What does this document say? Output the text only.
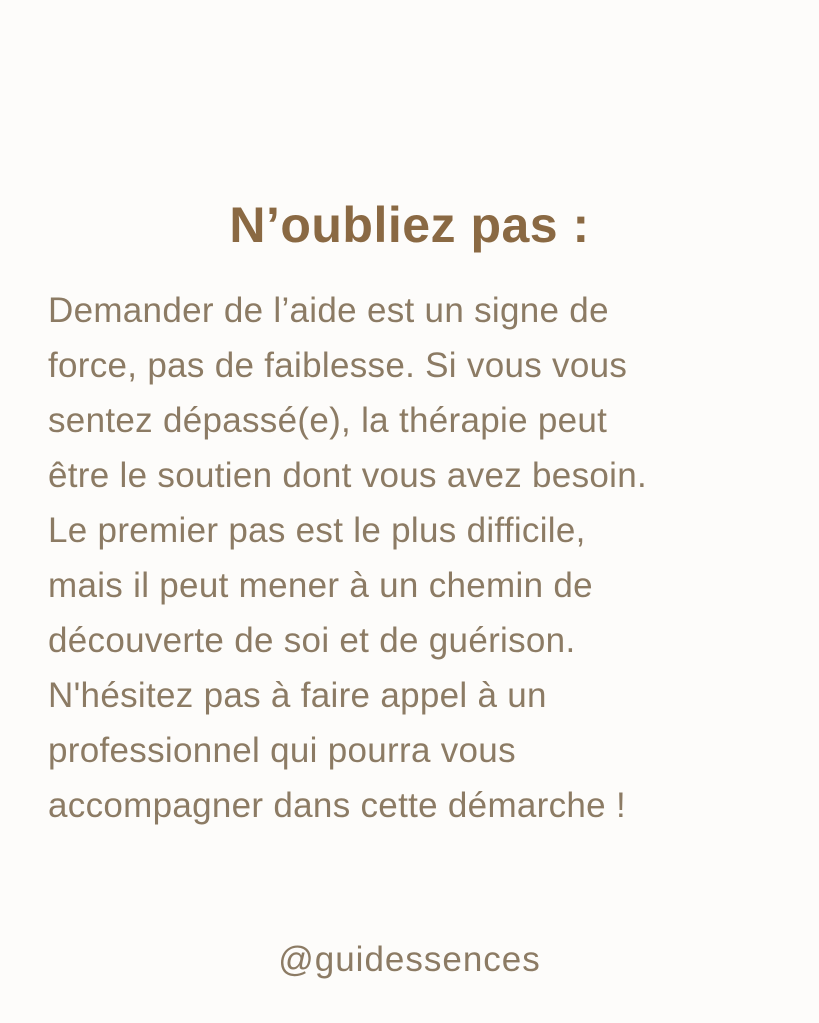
N’oubliez pas :
Demander de l’aide est un signe de
force, pas de faiblesse. Si vous vous
sentez dépassé(e), la thérapie peut
être le soutien dont vous avez besoin.
Le premier pas est le plus difficile,
mais il peut mener à un chemin de
découverte de soi et de guérison.
N'hésitez pas à faire appel à un
professionnel qui pourra vous
accompagner dans cette démarche !
@guidessences
